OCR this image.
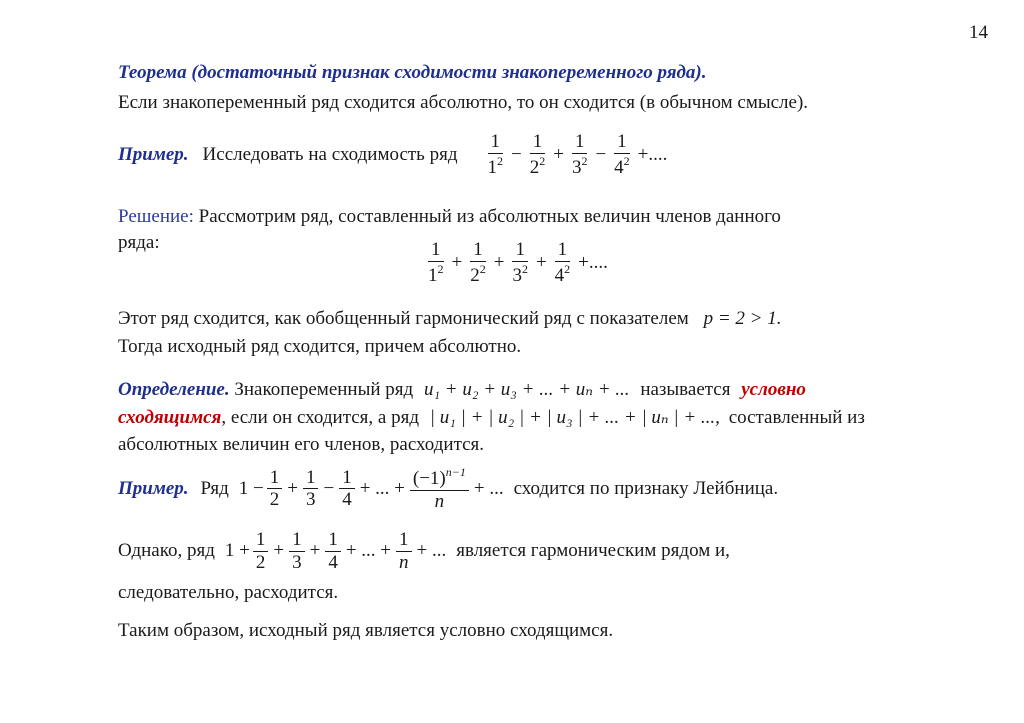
14
Теорема (достаточный признак сходимости знакопеременного ряда).
Если знакопеременный ряд сходится абсолютно, то он сходится (в обычном смысле).
Пример. Исследовать на сходимость ряд $\frac{1}{1^2} - \frac{1}{2^2} + \frac{1}{3^2} - \frac{1}{4^2}$ +....
Решение: Рассмотрим ряд, составленный из абсолютных величин членов данного
ряда:	$\frac{1}{1^2} + \frac{1}{2^2} + \frac{1}{3^2} + \frac{1}{4^2}$ +....
Этот ряд сходится, как обобщенный гармонический ряд с показателем p = 2 > 1.
Тогда исходный ряд сходится, причем абсолютно.
Определение. Знакопеременный ряд u₁ + u₂ + u₃ + ... + uₙ + ... называется условно
сходящимся, если он сходится, а ряд | u₁ | + | u₂ | + | u₃ | + ... + | uₙ | + ..., составленный из
абсолютных величин его членов, расходится.
Пример. Ряд $1 - \frac{1}{2} + \frac{1}{3} - \frac{1}{4}$ + ... + $\frac{(-1)^{n-1}}{n}$ + ... сходится по признаку Лейбница.
Однако, ряд $1 + \frac{1}{2} + \frac{1}{3} + \frac{1}{4}$ + ... + $\frac{1}{n}$ + ... является гармоническим рядом и,
следовательно, расходится.
Таким образом, исходный ряд является условно сходящимся.
